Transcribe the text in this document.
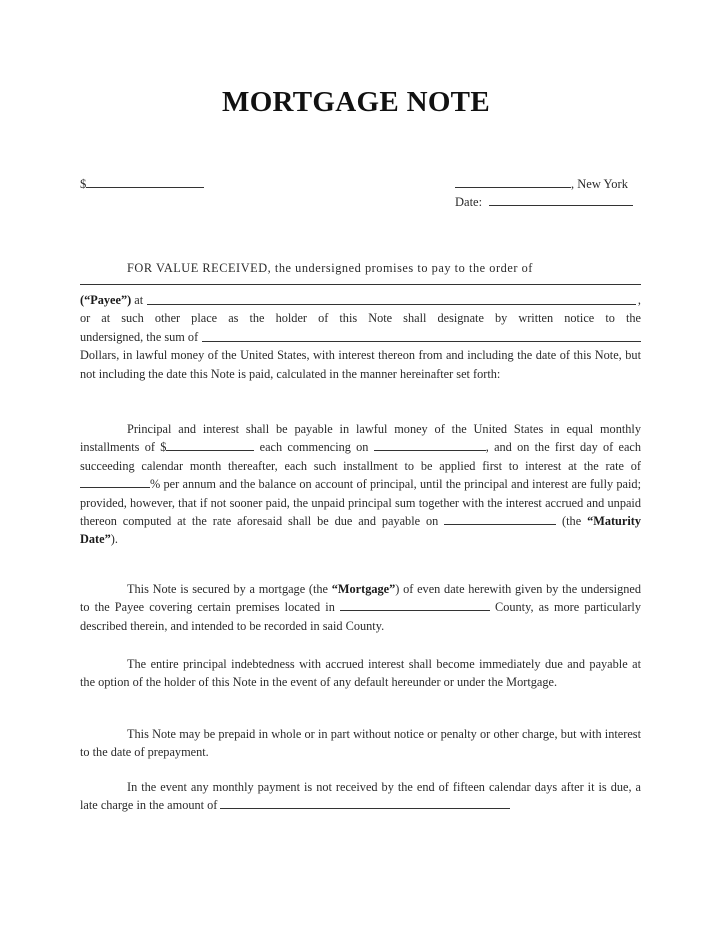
MORTGAGE NOTE
$	, New York
Date:
FOR VALUE RECEIVED, the undersigned promises to pay to the order of
(“Payee”)
at	,
or at such other place as the holder of this Note shall designate by written notice to the
undersigned, the sum of
Dollars, in lawful money of the United States, with interest thereon from and including the date of this Note, but not including the date this Note is paid, calculated in the manner hereinafter set forth:
Principal and interest shall be payable in lawful money of the United States in equal monthly installments of $	each commencing on	, and on the first day of each succeeding calendar month thereafter, each such installment to be applied first to interest at the rate of % per annum and the balance on account of principal, until the principal and interest are fully paid; provided, however, that if not sooner paid, the unpaid principal sum together with the interest accrued and unpaid thereon computed at the rate aforesaid shall be due and payable on	(the “Maturity Date”).
This Note is secured by a mortgage (the “Mortgage”) of even date herewith given by the undersigned to the Payee covering certain premises located in	County, as more particularly described therein, and intended to be recorded in said County.
The entire principal indebtedness with accrued interest shall become immediately due and payable at the option of the holder of this Note in the event of any default hereunder or under the Mortgage.
This Note may be prepaid in whole or in part without notice or penalty or other charge, but with interest to the date of prepayment.
In the event any monthly payment is not received by the end of fifteen calendar days after it is due, a late charge in the amount of
